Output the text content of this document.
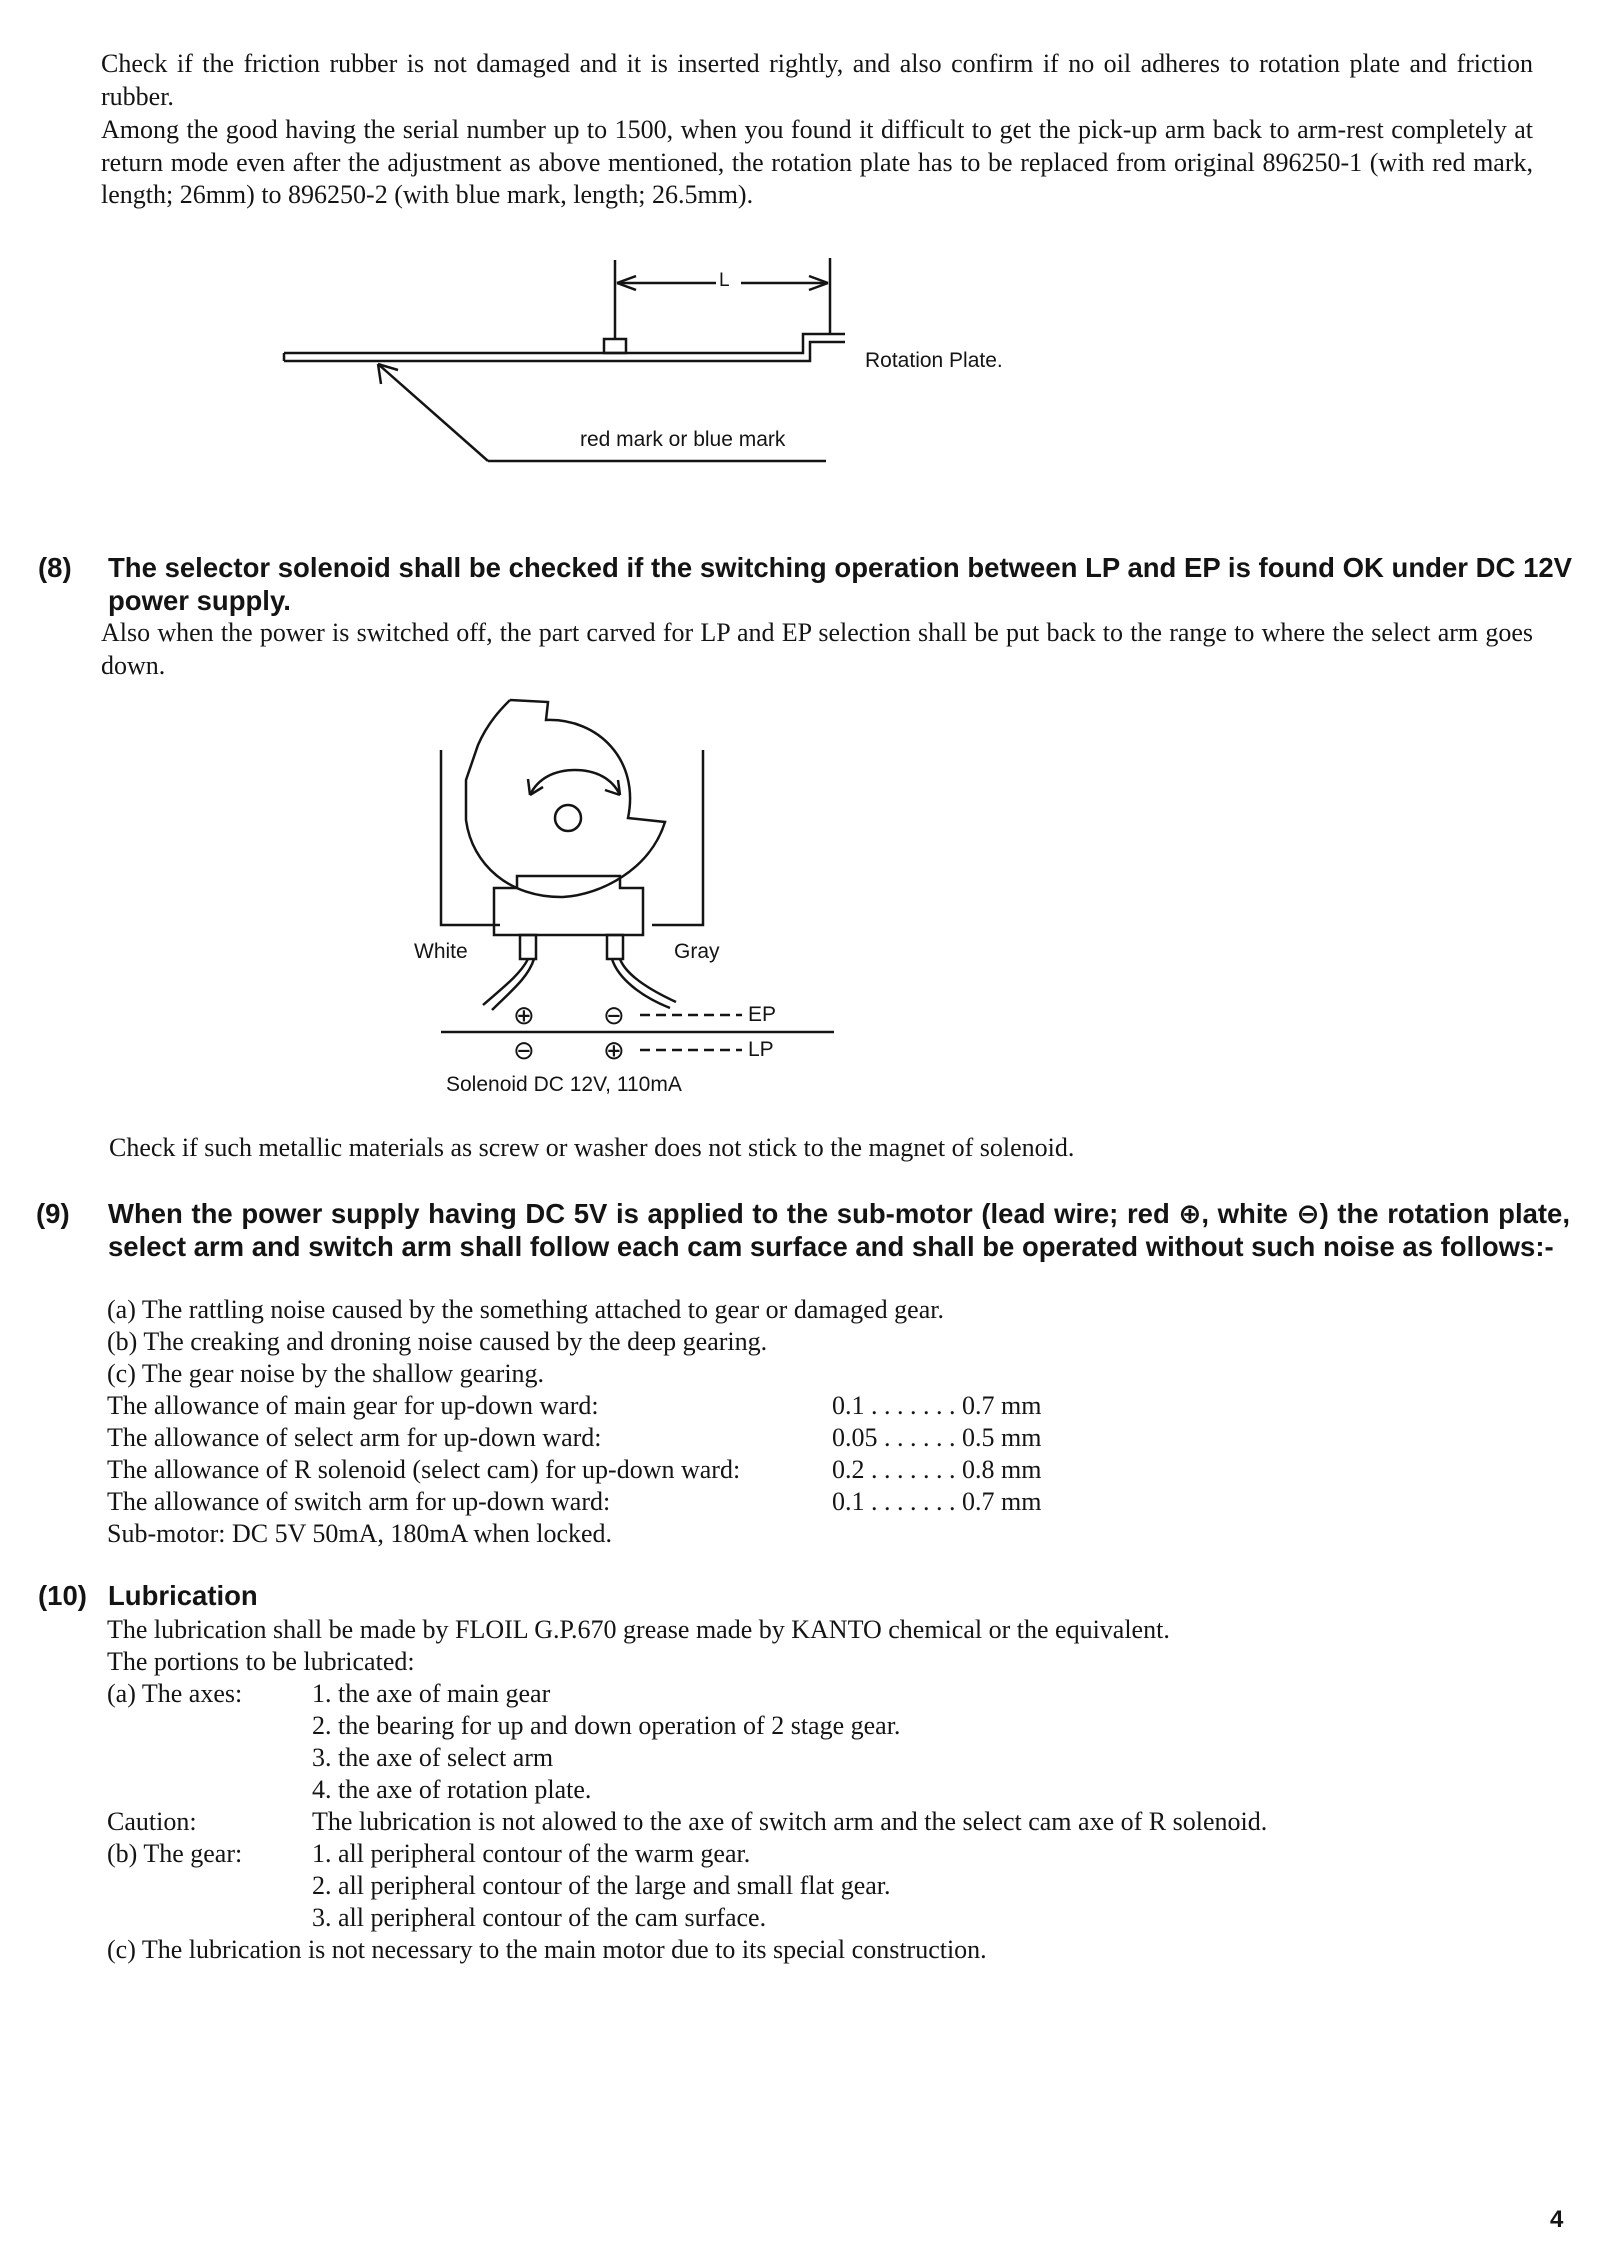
Check if the friction rubber is not damaged and it is inserted rightly, and also confirm if no oil adheres to rotation plate and friction rubber.
Among the good having the serial number up to 1500, when you found it difficult to get the pick-up arm back to arm-rest completely at return mode even after the adjustment as above mentioned, the rotation plate has to be replaced from original 896250-1 (with red mark, length; 26mm) to 896250-2 (with blue mark, length; 26.5mm).
L
Rotation Plate.
red mark or blue mark
(8) The selector solenoid shall be checked if the switching operation between LP and EP is found OK under DC 12V power supply.
Also when the power is switched off, the part carved for LP and EP selection shall be put back to the range to where the select arm goes down.
White	Gray
⊕	⊖
⊖	⊕
EP
LP
Solenoid DC 12V, 110mA
Check if such metallic materials as screw or washer does not stick to the magnet of solenoid.
(9) When the power supply having DC 5V is applied to the sub-motor (lead wire; red ⊕, white ⊖) the rotation plate, select arm and switch arm shall follow each cam surface and shall be operated without such noise as follows:-
(a) The rattling noise caused by the something attached to gear or damaged gear.
(b) The creaking and droning noise caused by the deep gearing.
(c) The gear noise by the shallow gearing.
The allowance of main gear for up-down ward:	0.1 . . . . . . . 0.7 mm
The allowance of select arm for up-down ward:	0.05 . . . . . . 0.5 mm
The allowance of R solenoid (select cam) for up-down ward:	0.2 . . . . . . . 0.8 mm
The allowance of switch arm for up-down ward:	0.1 . . . . . . . 0.7 mm
Sub-motor: DC 5V 50mA, 180mA when locked.
(10) Lubrication
The lubrication shall be made by FLOIL G.P.670 grease made by KANTO chemical or the equivalent.
The portions to be lubricated:
(a) The axes:	1. the axe of main gear
2. the bearing for up and down operation of 2 stage gear.
3. the axe of select arm
4. the axe of rotation plate.
Caution:	The lubrication is not alowed to the axe of switch arm and the select cam axe of R solenoid.
(b) The gear:	1. all peripheral contour of the warm gear.
2. all peripheral contour of the large and small flat gear.
3. all peripheral contour of the cam surface.
(c) The lubrication is not necessary to the main motor due to its special construction.
4
